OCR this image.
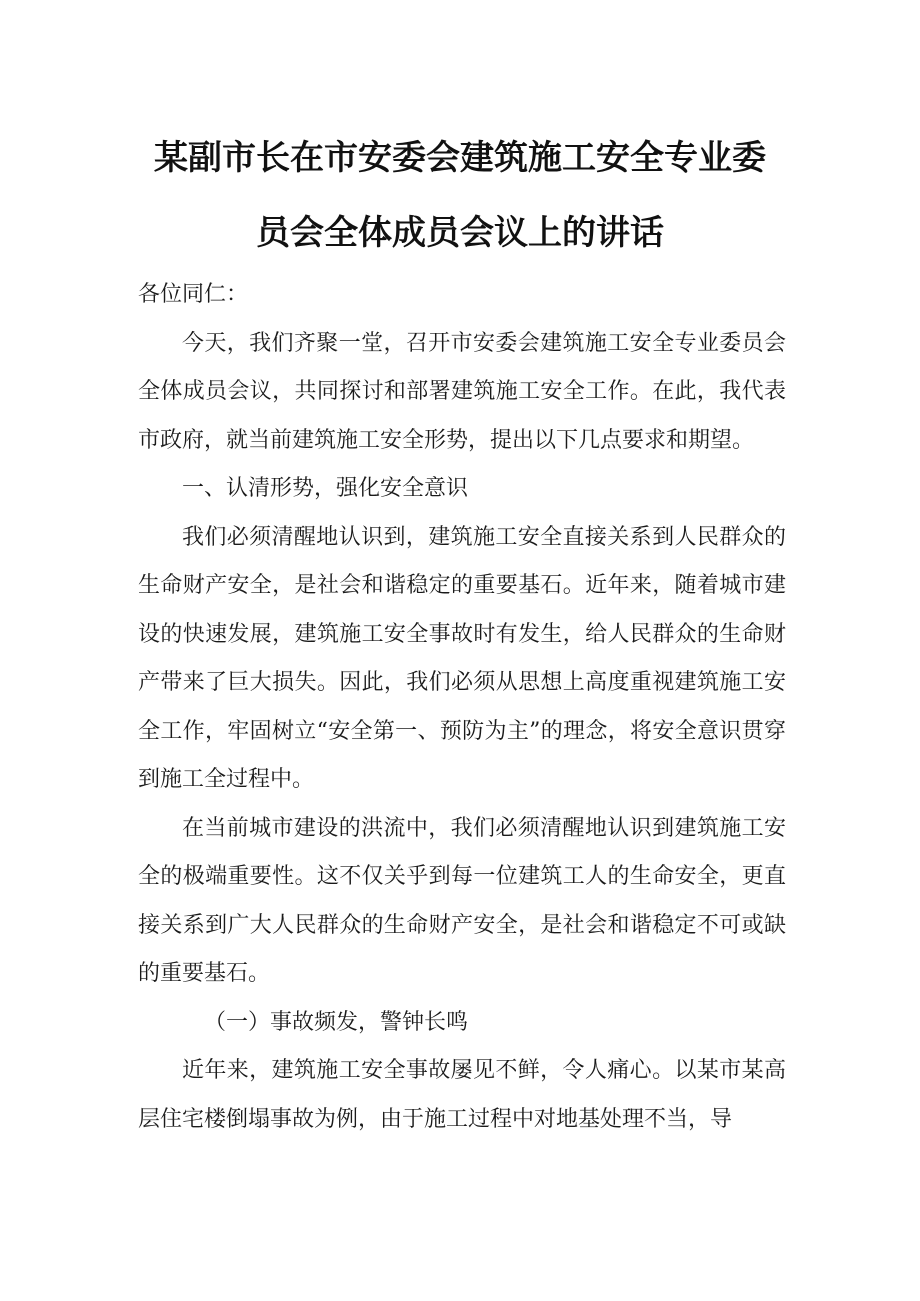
某副市长在市安委会建筑施工安全专业委
员会全体成员会议上的讲话

各位同仁：

今天，我们齐聚一堂，召开市安委会建筑施工安全专业委员会全体成员会议，共同探讨和部署建筑施工安全工作。在此，我代表市政府，就当前建筑施工安全形势，提出以下几点要求和期望。

一、认清形势，强化安全意识

我们必须清醒地认识到，建筑施工安全直接关系到人民群众的生命财产安全，是社会和谐稳定的重要基石。近年来，随着城市建设的快速发展，建筑施工安全事故时有发生，给人民群众的生命财产带来了巨大损失。因此，我们必须从思想上高度重视建筑施工安全工作，牢固树立“安全第一、预防为主”的理念，将安全意识贯穿到施工全过程中。

在当前城市建设的洪流中，我们必须清醒地认识到建筑施工安全的极端重要性。这不仅关乎到每一位建筑工人的生命安全，更直接关系到广大人民群众的生命财产安全，是社会和谐稳定不可或缺的重要基石。

（一）事故频发，警钟长鸣

近年来，建筑施工安全事故屡见不鲜，令人痛心。以某市某高层住宅楼倒塌事故为例，由于施工过程中对地基处理不当，导
